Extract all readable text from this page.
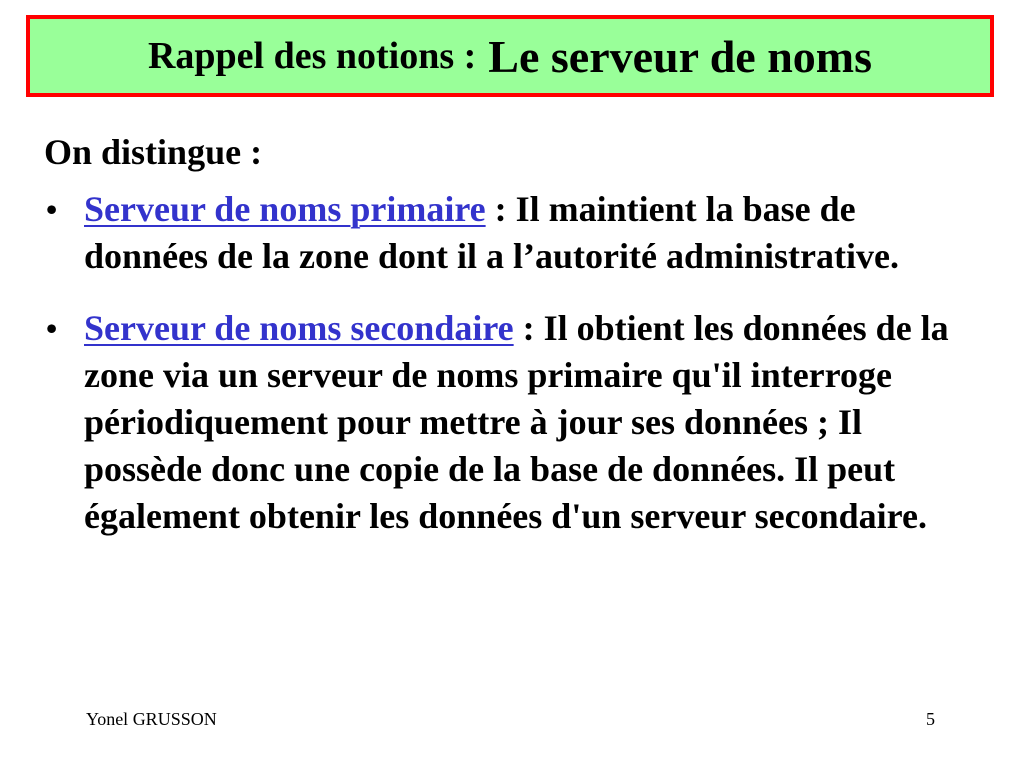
Rappel des notions : Le serveur de noms

On distingue :

• Serveur de noms primaire : Il maintient la base de données de la zone dont il a l’autorité administrative.
• Serveur de noms secondaire : Il obtient les données de la zone via un serveur de noms primaire qu'il interroge périodiquement pour mettre à jour ses données ; Il possède donc une copie de la base de données. Il peut également obtenir les données d'un serveur secondaire.
Yonel GRUSSON	5
